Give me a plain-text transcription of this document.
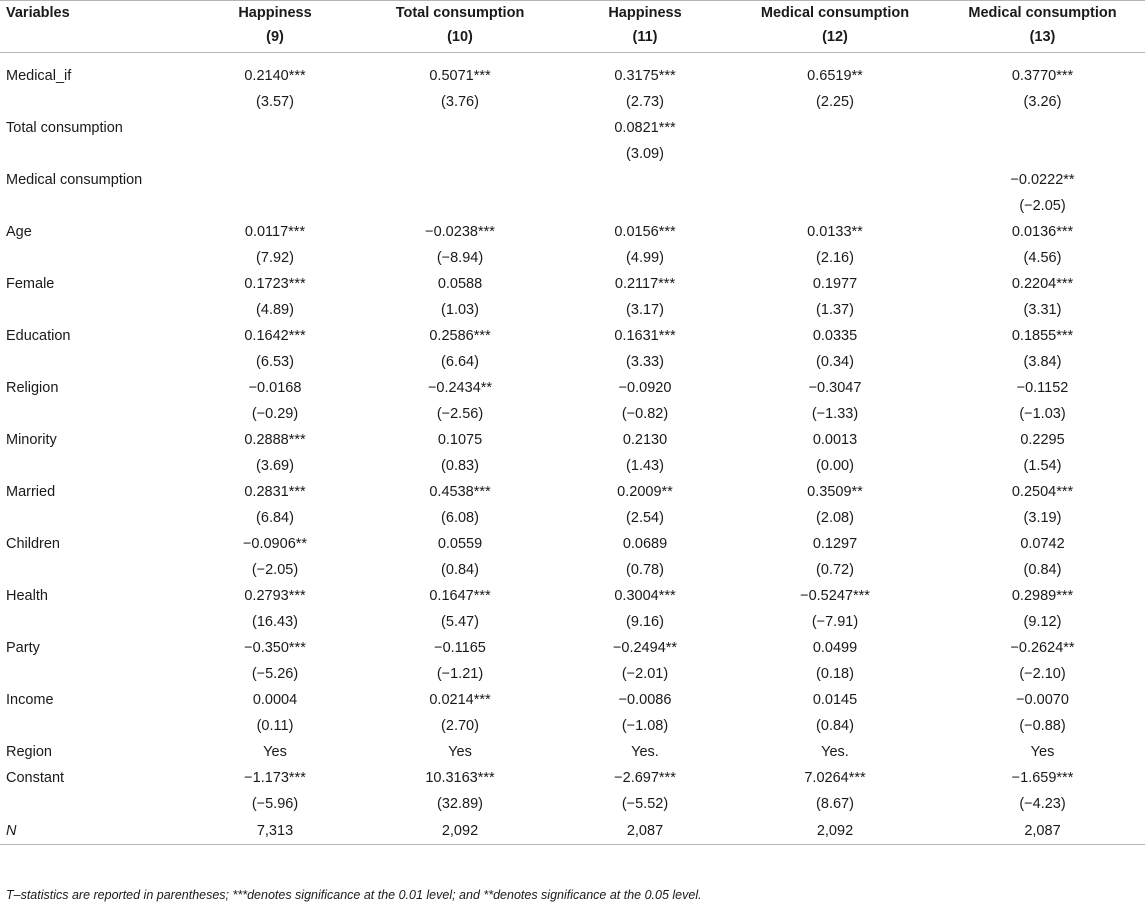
Variables	Happiness	Total consumption	Happiness	Medical consumption	Medical consumption
	(9)	(10)	(11)	(12)	(13)

Medical_if	0.2140***	0.5071***	0.3175***	0.6519**	0.3770***
	(3.57)	(3.76)	(2.73)	(2.25)	(3.26)
Total consumption			0.0821***		
			(3.09)		
Medical consumption					−0.0222**
					(−2.05)
Age	0.0117***	−0.0238***	0.0156***	0.0133**	0.0136***
	(7.92)	(−8.94)	(4.99)	(2.16)	(4.56)
Female	0.1723***	0.0588	0.2117***	0.1977	0.2204***
	(4.89)	(1.03)	(3.17)	(1.37)	(3.31)
Education	0.1642***	0.2586***	0.1631***	0.0335	0.1855***
	(6.53)	(6.64)	(3.33)	(0.34)	(3.84)
Religion	−0.0168	−0.2434**	−0.0920	−0.3047	−0.1152
	(−0.29)	(−2.56)	(−0.82)	(−1.33)	(−1.03)
Minority	0.2888***	0.1075	0.2130	0.0013	0.2295
	(3.69)	(0.83)	(1.43)	(0.00)	(1.54)
Married	0.2831***	0.4538***	0.2009**	0.3509**	0.2504***
	(6.84)	(6.08)	(2.54)	(2.08)	(3.19)
Children	−0.0906**	0.0559	0.0689	0.1297	0.0742
	(−2.05)	(0.84)	(0.78)	(0.72)	(0.84)
Health	0.2793***	0.1647***	0.3004***	−0.5247***	0.2989***
	(16.43)	(5.47)	(9.16)	(−7.91)	(9.12)
Party	−0.350***	−0.1165	−0.2494**	0.0499	−0.2624**
	(−5.26)	(−1.21)	(−2.01)	(0.18)	(−2.10)
Income	0.0004	0.0214***	−0.0086	0.0145	−0.0070
	(0.11)	(2.70)	(−1.08)	(0.84)	(−0.88)
Region	Yes	Yes	Yes.	Yes.	Yes
Constant	−1.173***	10.3163***	−2.697***	7.0264***	−1.659***
	(−5.96)	(32.89)	(−5.52)	(8.67)	(−4.23)
N	7,313	2,092	2,087	2,092	2,087
T–statistics are reported in parentheses; ***denotes significance at the 0.01 level; and **denotes significance at the 0.05 level.
